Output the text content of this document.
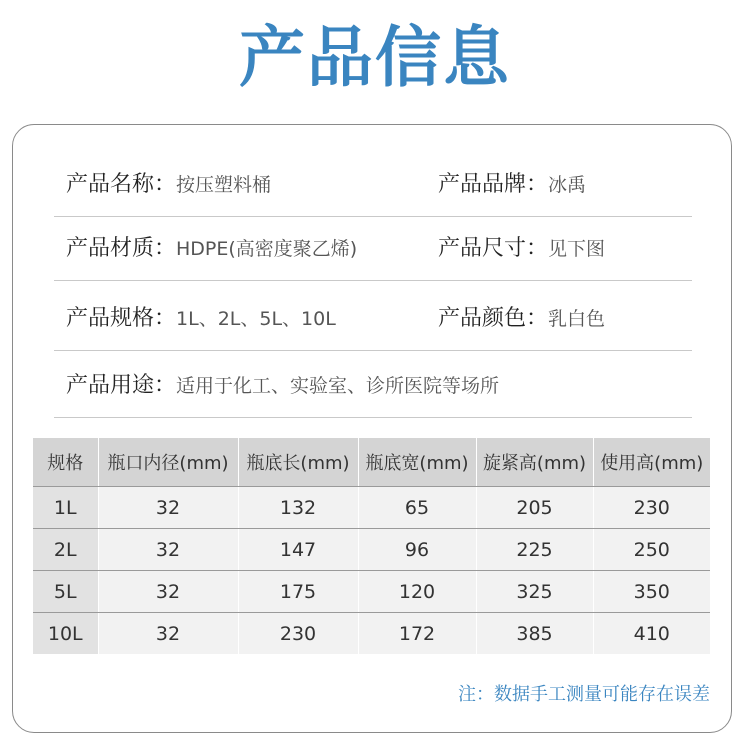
产品信息
产品名称：按压塑料桶	产品品牌：冰禹
产品材质：HDPE(高密度聚乙烯)	产品尺寸：见下图
产品规格：1L、2L、5L、10L	产品颜色：乳白色
产品用途：适用于化工、实验室、诊所医院等场所
规格	瓶口内径(mm)	瓶底长(mm)	瓶底宽(mm)	旋紧高(mm)	使用高(mm)
1L	32	132	65	205	230
2L	32	147	96	225	250
5L	32	175	120	325	350
10L	32	230	172	385	410
注：数据手工测量可能存在误差
